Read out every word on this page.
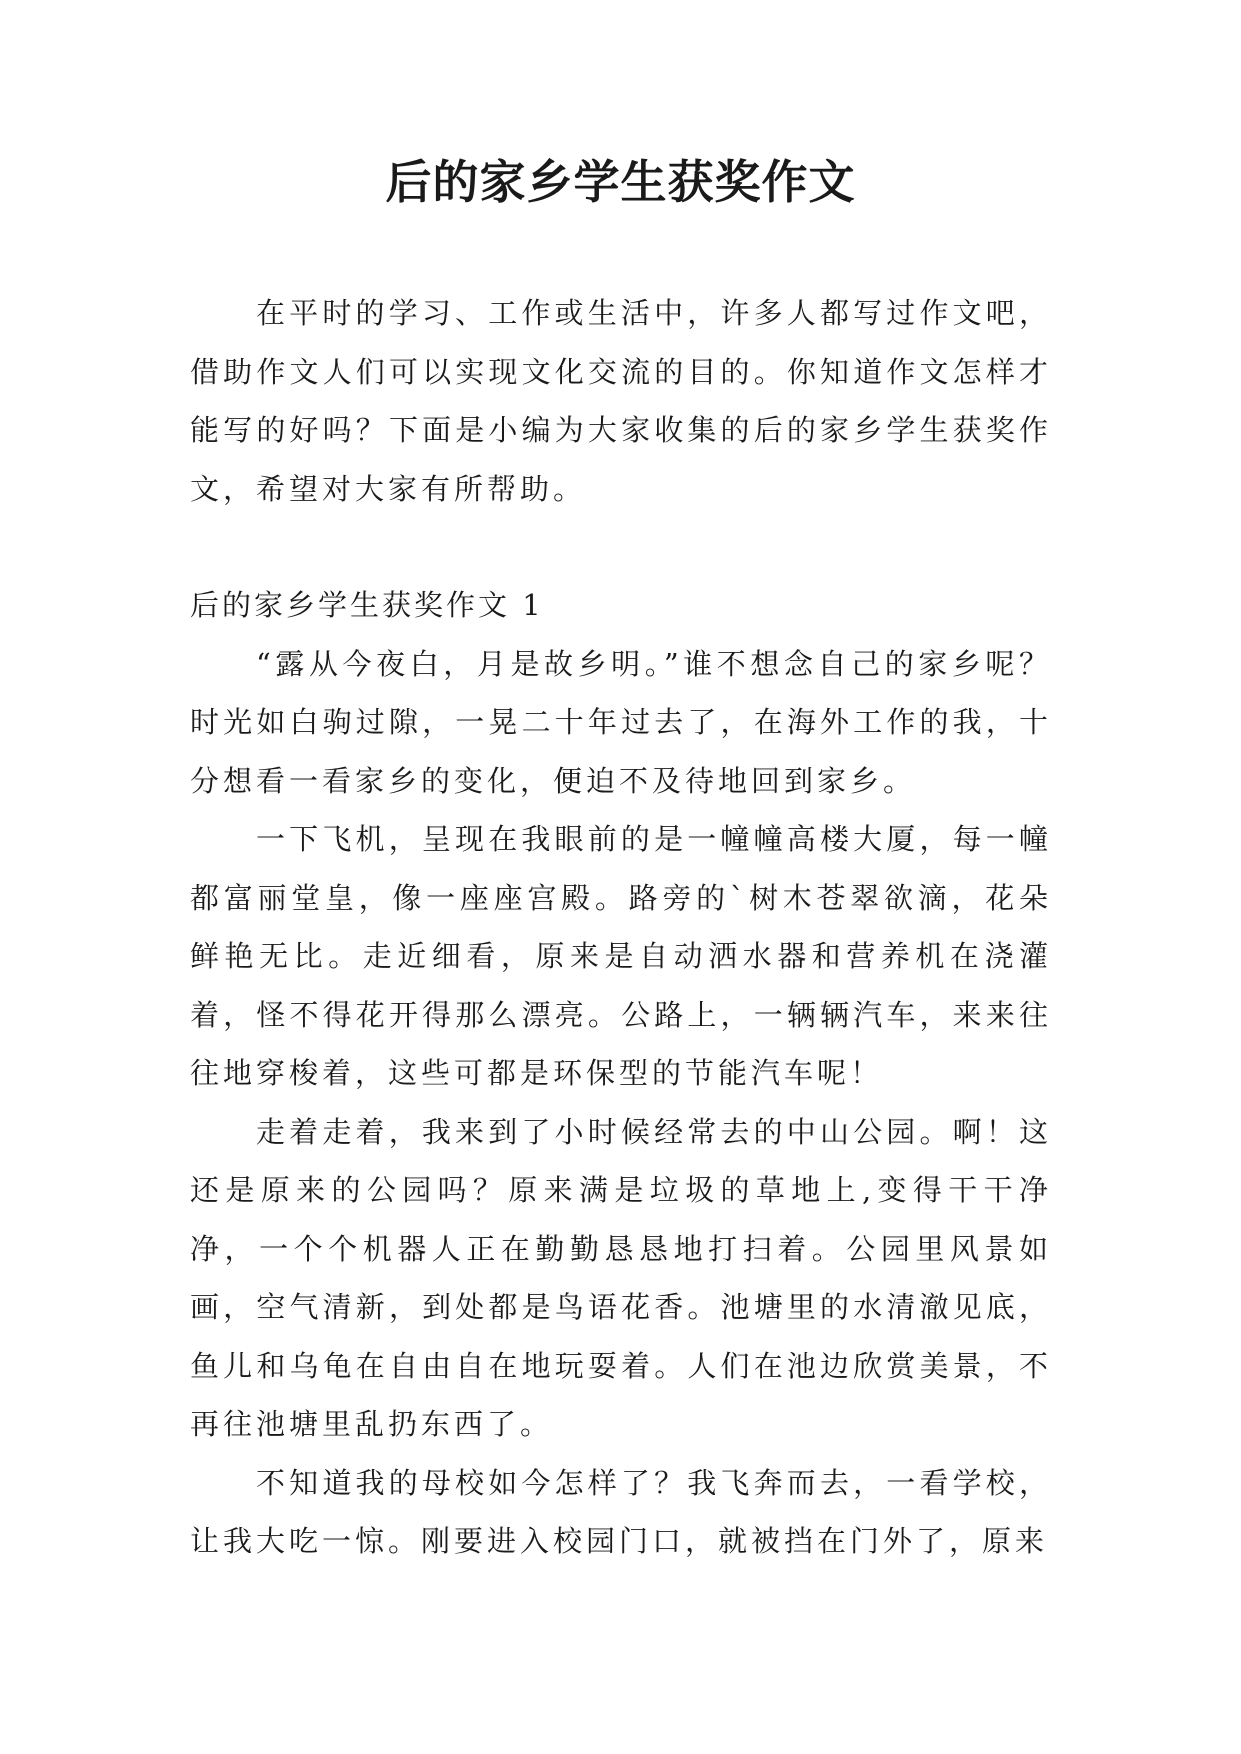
后的家乡学生获奖作文

在平时的学习、工作或生活中，许多人都写过作文吧，借助作文人们可以实现文化交流的目的。你知道作文怎样才能写的好吗？下面是小编为大家收集的后的家乡学生获奖作文，希望对大家有所帮助。

后的家乡学生获奖作文 1

“露从今夜白，月是故乡明。”谁不想念自己的家乡呢？时光如白驹过隙，一晃二十年过去了，在海外工作的我，十分想看一看家乡的变化，便迫不及待地回到家乡。

一下飞机，呈现在我眼前的是一幢幢高楼大厦，每一幢都富丽堂皇，像一座座宫殿。路旁的`树木苍翠欲滴，花朵鲜艳无比。走近细看，原来是自动洒水器和营养机在浇灌着，怪不得花开得那么漂亮。公路上，一辆辆汽车，来来往往地穿梭着，这些可都是环保型的节能汽车呢！

走着走着，我来到了小时候经常去的中山公园。啊！这还是原来的公园吗？原来满是垃圾的草地上,变得干干净净，一个个机器人正在勤勤恳恳地打扫着。公园里风景如画，空气清新，到处都是鸟语花香。池塘里的水清澈见底，鱼儿和乌龟在自由自在地玩耍着。人们在池边欣赏美景，不再往池塘里乱扔东西了。

不知道我的母校如今怎样了？我飞奔而去，一看学校，让我大吃一惊。刚要进入校园门口，就被挡在门外了，原来
